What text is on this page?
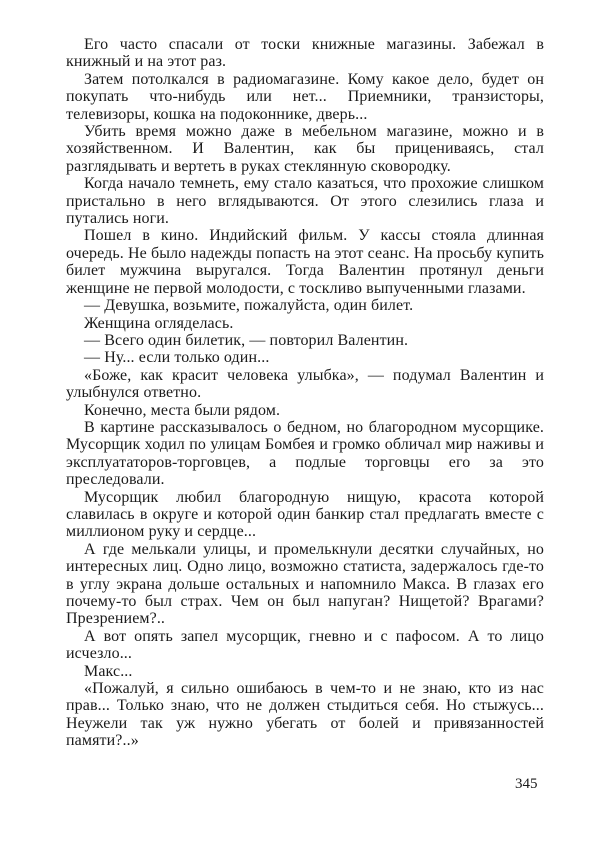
Его часто спасали от тоски книжные магазины. Забежал в книжный и на этот раз.

Затем потолкался в радиомагазине. Кому какое дело, будет он покупать что-нибудь или нет... Приемники, транзисторы, телевизоры, кошка на подоконнике, дверь...

Убить время можно даже в мебельном магазине, можно и в хозяйственном. И Валентин, как бы прицениваясь, стал разглядывать и вертеть в руках стеклянную сковородку.

Когда начало темнеть, ему стало казаться, что прохожие слишком пристально в него вглядываются. От этого слезились глаза и путались ноги.

Пошел в кино. Индийский фильм. У кассы стояла длинная очередь. Не было надежды попасть на этот сеанс. На просьбу купить билет мужчина выругался. Тогда Валентин протянул деньги женщине не первой молодости, с тоскливо выпученными глазами.

— Девушка, возьмите, пожалуйста, один билет.

Женщина огляделась.

— Всего один билетик, — повторил Валентин.

— Ну... если только один...

«Боже, как красит человека улыбка», — подумал Валентин и улыбнулся ответно.

Конечно, места были рядом.

В картине рассказывалось о бедном, но благородном мусорщике. Мусорщик ходил по улицам Бомбея и громко обличал мир наживы и эксплуататоров-торговцев, а подлые торговцы его за это преследовали.

Мусорщик любил благородную нищую, красота которой славилась в округе и которой один банкир стал предлагать вместе с миллионом руку и сердце...

А где мелькали улицы, и промелькнули десятки случайных, но интересных лиц. Одно лицо, возможно статиста, задержалось где-то в углу экрана дольше остальных и напомнило Макса. В глазах его почему-то был страх. Чем он был напуган? Нищетой? Врагами? Презрением?..

А вот опять запел мусорщик, гневно и с пафосом. А то лицо исчезло...

Макс...

«Пожалуй, я сильно ошибаюсь в чем-то и не знаю, кто из нас прав... Только знаю, что не должен стыдиться себя. Но стыжусь... Неужели так уж нужно убегать от болей и привязанностей памяти?..»

345
